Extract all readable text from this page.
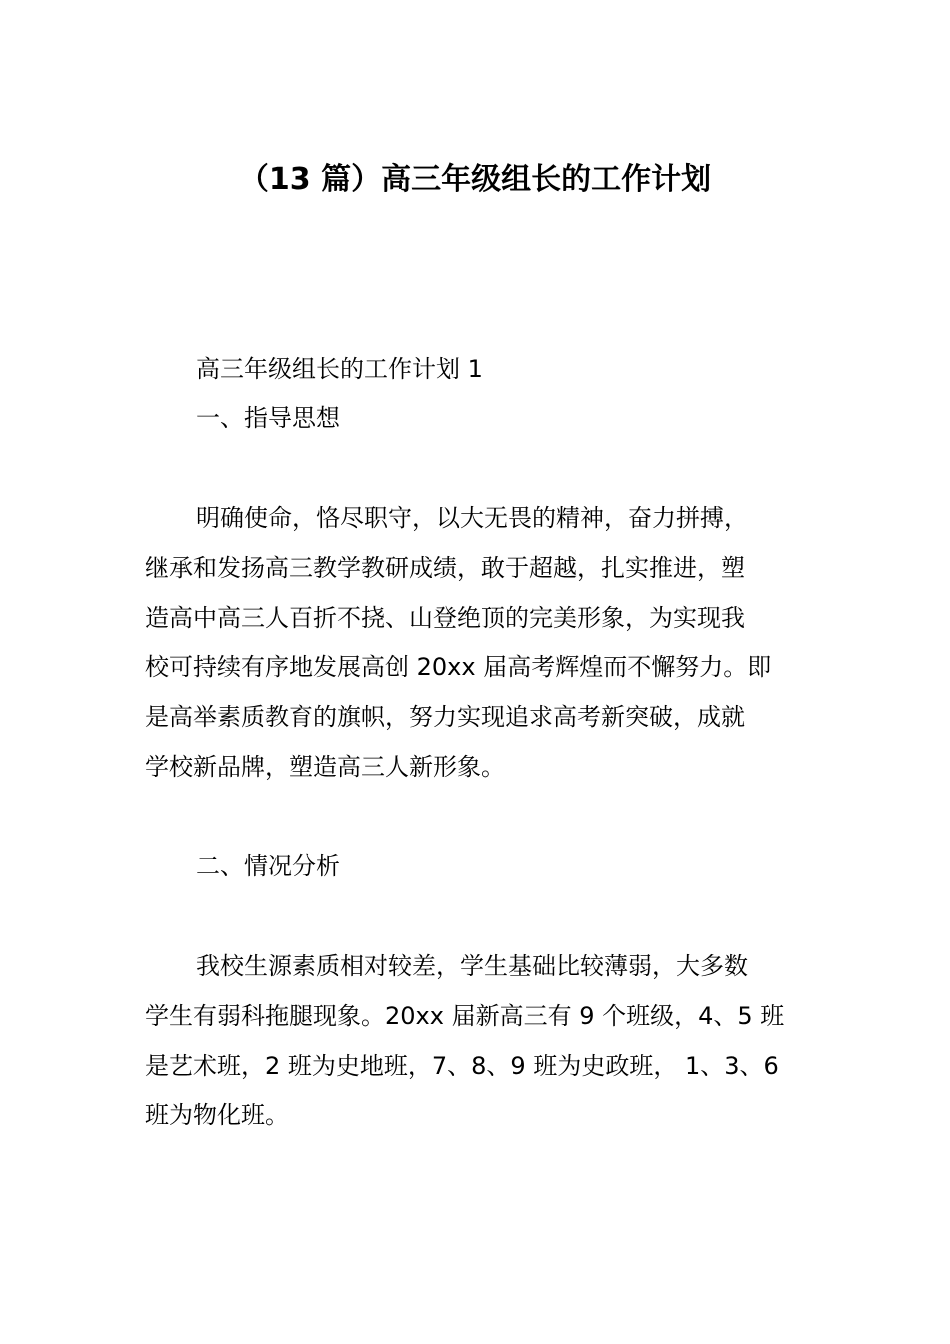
（13 篇）高三年级组长的工作计划
高三年级组长的工作计划 1
一、指导思想
明确使命，恪尽职守，以大无畏的精神，奋力拼搏，
继承和发扬高三教学教研成绩，敢于超越，扎实推进，塑
造高中高三人百折不挠、山登绝顶的完美形象，为实现我
校可持续有序地发展高创 20xx 届高考辉煌而不懈努力。即
是高举素质教育的旗帜，努力实现追求高考新突破，成就
学校新品牌，塑造高三人新形象。
二、情况分析
我校生源素质相对较差，学生基础比较薄弱，大多数
学生有弱科拖腿现象。20xx 届新高三有 9 个班级，4、5 班
是艺术班，2 班为史地班，7、8、9 班为史政班， 1、3、6
班为物化班。
